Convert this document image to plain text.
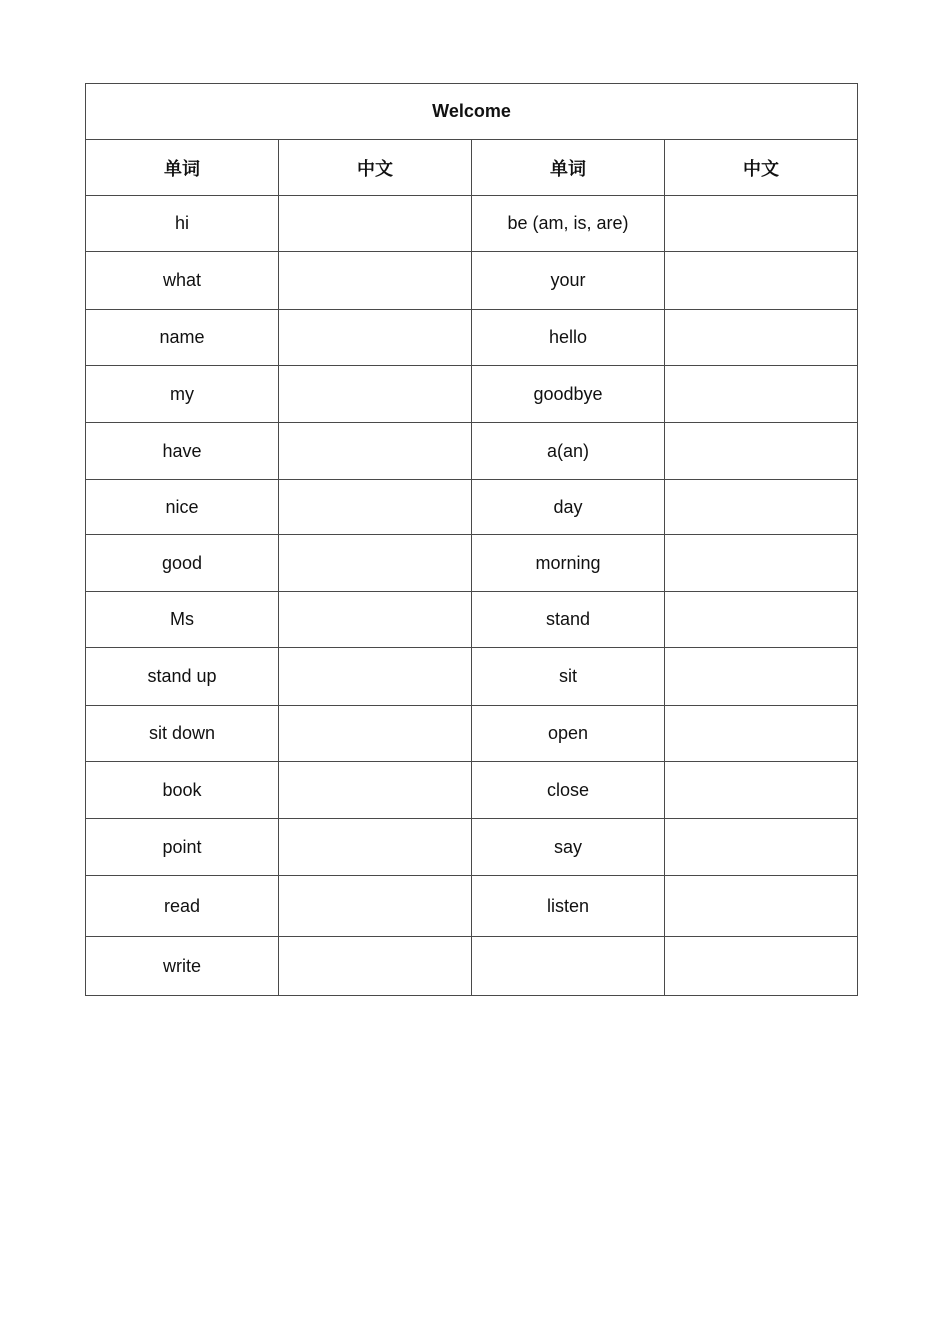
Welcome			
单词	中文	单词	中文
hi		be (am, is, are)	
what		your	
name		hello	
my		goodbye	
have		a(an)	
nice		day	
good		morning	
Ms		stand	
stand up		sit	
sit down		open	
book		close	
point		say	
read		listen	
write			
